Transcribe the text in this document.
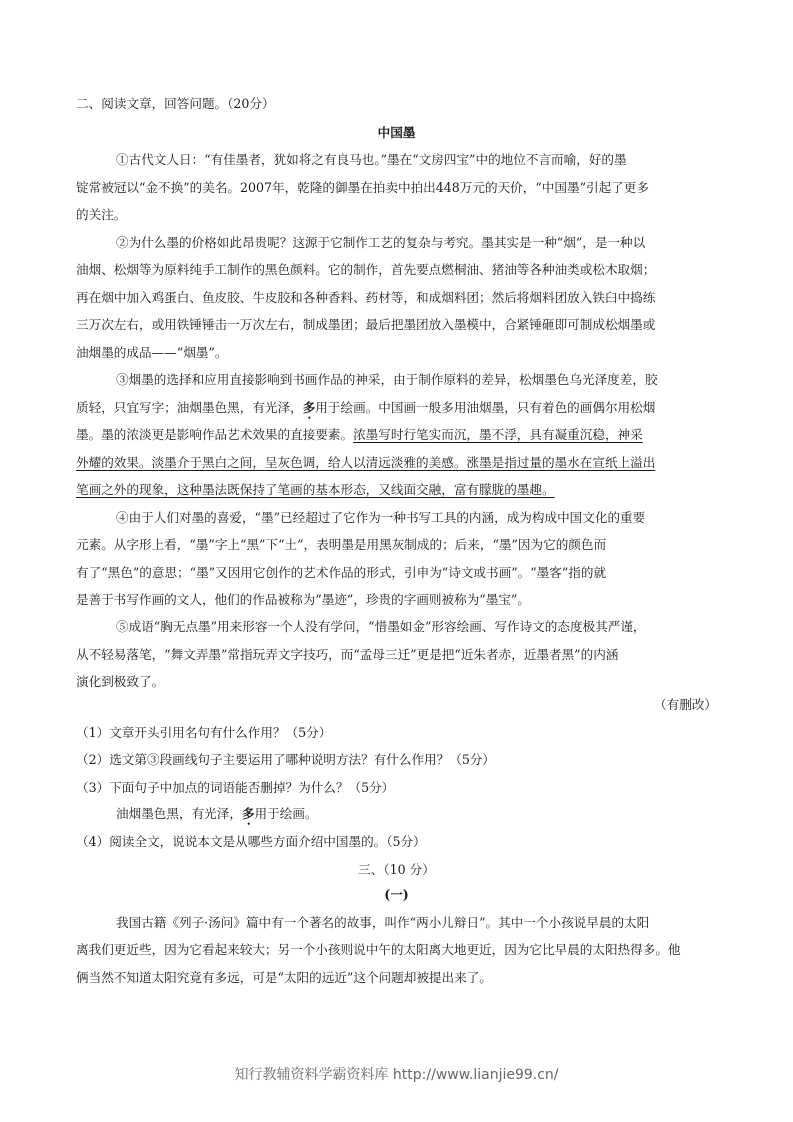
二、阅读文章，回答问题。（20分）
中国墨
①古代文人日：“有佳墨者，犹如将之有良马也。”墨在“文房四宝”中的地位不言而喻，好的墨
锭常被冠以“金不换”的美名。2007年，乾隆的御墨在拍卖中拍出448万元的天价，“中国墨”引起了更多
的关注。
②为什么墨的价格如此昂贵呢？这源于它制作工艺的复杂与考究。墨其实是一种“烟”，是一种以
油烟、松烟等为原料纯手工制作的黑色颜料。它的制作，首先要点燃桐油、猪油等各种油类或松木取烟；
再在烟中加入鸡蛋白、鱼皮胶、牛皮胶和各种香料、药材等，和成烟料团；然后将烟料团放入铁臼中捣练
三万次左右，或用铁锤锤击一万次左右，制成墨团；最后把墨团放入墨模中，合紧锤砸即可制成松烟墨或
油烟墨的成品——“烟墨”。
③烟墨的选择和应用直接影响到书画作品的神采，由于制作原料的差异，松烟墨色乌光泽度差，胶
质轻，只宜写字；油烟墨色黑，有光泽，多用于绘画。中国画一般多用油烟墨，只有着色的画偶尔用松烟
墨。墨的浓淡更是影响作品艺术效果的直接要素。浓墨写时行笔实而沉，墨不浮，具有凝重沉稳，神采
外耀的效果。淡墨介于黑白之间，呈灰色调，给人以清远淡雅的美感。涨墨是指过量的墨水在宣纸上溢出
笔画之外的现象，这种墨法既保持了笔画的基本形态，又线面交融，富有朦胧的墨趣。
④由于人们对墨的喜爱，“墨”已经超过了它作为一种书写工具的内涵，成为构成中国文化的重要
元素。从字形上看，“墨”字上“黑”下“土”，表明墨是用黑灰制成的；后来，“墨”因为它的颜色而
有了“黑色”的意思；“墨”又因用它创作的艺术作品的形式，引申为“诗文或书画”。“墨客”指的就
是善于书写作画的文人，他们的作品被称为“墨迹”，珍贵的字画则被称为“墨宝”。
⑤成语“胸无点墨”用来形容一个人没有学问，“惜墨如金”形容绘画、写作诗文的态度极其严谨，
从不轻易落笔，“舞文弄墨”常指玩弄文字技巧，而“孟母三迁”更是把“近朱者赤，近墨者黑”的内涵
演化到极致了。
（有删改）
（1）文章开头引用名句有什么作用？（5分）
（2）选文第③段画线句子主要运用了哪种说明方法？有什么作用？（5分）
（3）下面句子中加点的词语能否删掉？为什么？（5分）
油烟墨色黑，有光泽，多用于绘画。
（4）阅读全文，说说本文是从哪些方面介绍中国墨的。（5分）
三、（10 分）
(一)
我国古籍《列子·汤问》篇中有一个著名的故事，叫作“两小儿辩日”。其中一个小孩说早晨的太阳
离我们更近些，因为它看起来较大；另一个小孩则说中午的太阳离大地更近，因为它比早晨的太阳热得多。他
俩当然不知道太阳究竟有多远，可是“太阳的远近”这个问题却被提出来了。
知行教辅资料学霸资料库 http://www.lianjie99.cn/
